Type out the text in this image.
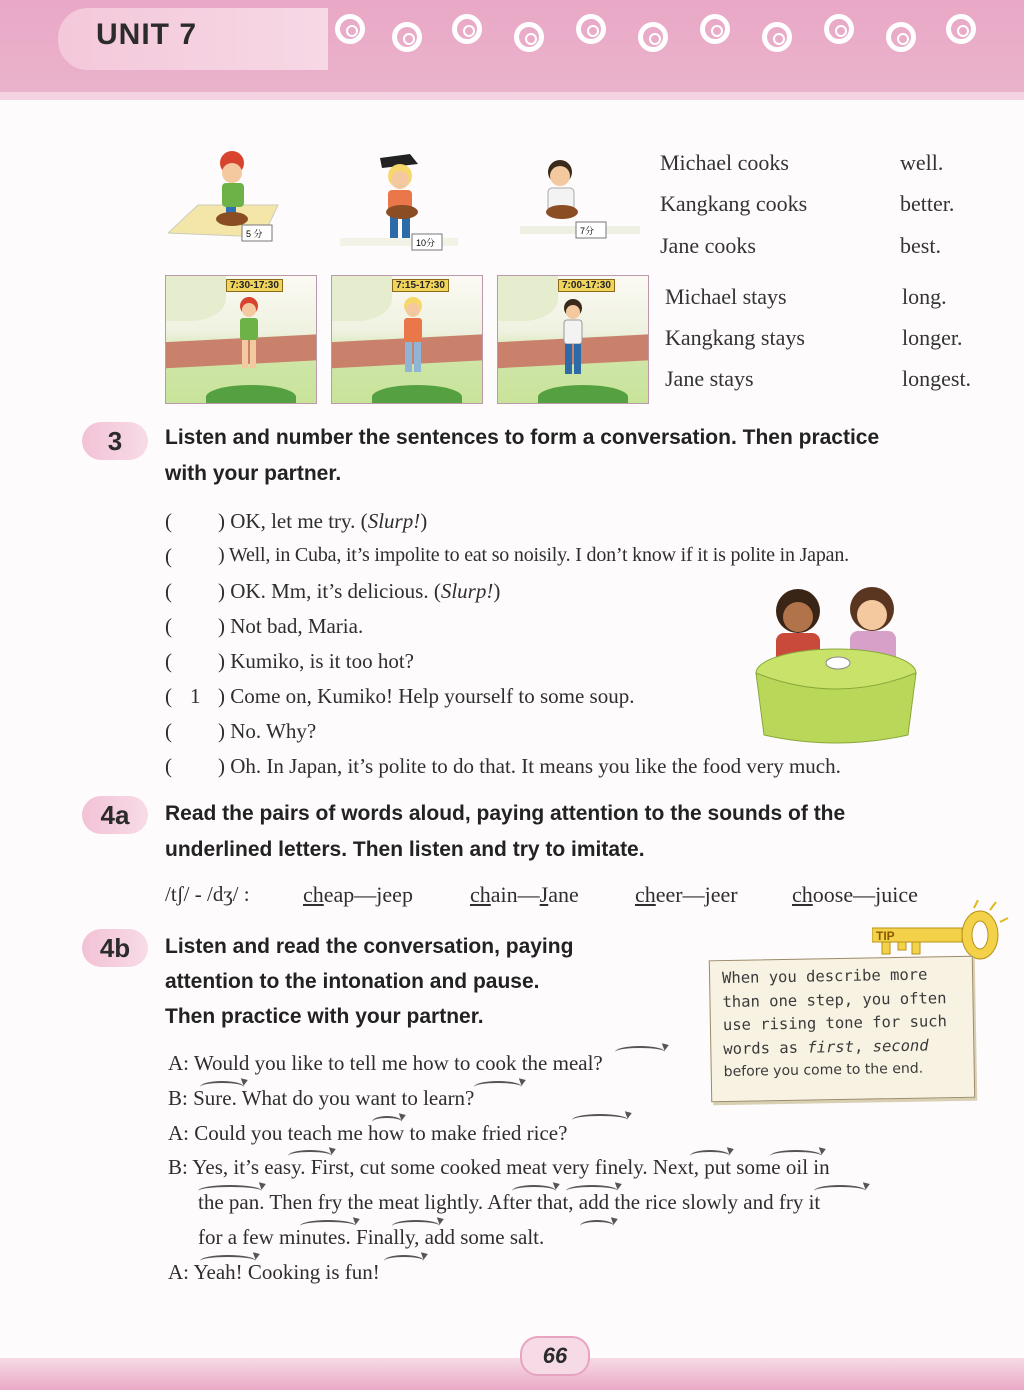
UNIT 7
5 分
10分
7分
7:30-17:30	7:15-17:30	7:00-17:30
Michael cooks	well.
Kangkang cooks	better.
Jane cooks	best.
Michael stays	long.
Kangkang stays	longer.
Jane stays	longest.
3	Listen and number the sentences to form a conversation. Then practice
with your partner.
( ) OK, let me try. (Slurp!)
( ) Well, in Cuba, it’s impolite to eat so noisily. I don’t know if it is polite in Japan.
( ) OK. Mm, it’s delicious. (Slurp!)
( ) Not bad, Maria.
( ) Kumiko, is it too hot?
( 1 ) Come on, Kumiko! Help yourself to some soup.
( ) No. Why?
( ) Oh. In Japan, it’s polite to do that. It means you like the food very much.
4a	Read the pairs of words aloud, paying attention to the sounds of the
underlined letters. Then listen and try to imitate.
/tʃ/ - /dʒ/ : cheap—jeep	chain—Jane	cheer—jeer choose—juice
4b	Listen and read the conversation, paying
attention to the intonation and pause.
Then practice with your partner.
TIP
When you describe more
than one step, you often
use rising tone for such
words as first, second
before you come to the end.
A: Would you like to tell me how to cook the meal?
B: Sure. What do you want to learn?
A: Could you teach me how to make fried rice?
B: Yes, it’s easy. First, cut some cooked meat very finely. Next, put some oil in
the pan. Then fry the meat lightly. After that, add the rice slowly and fry it
for a few minutes. Finally, add some salt.
A: Yeah! Cooking is fun!
66
